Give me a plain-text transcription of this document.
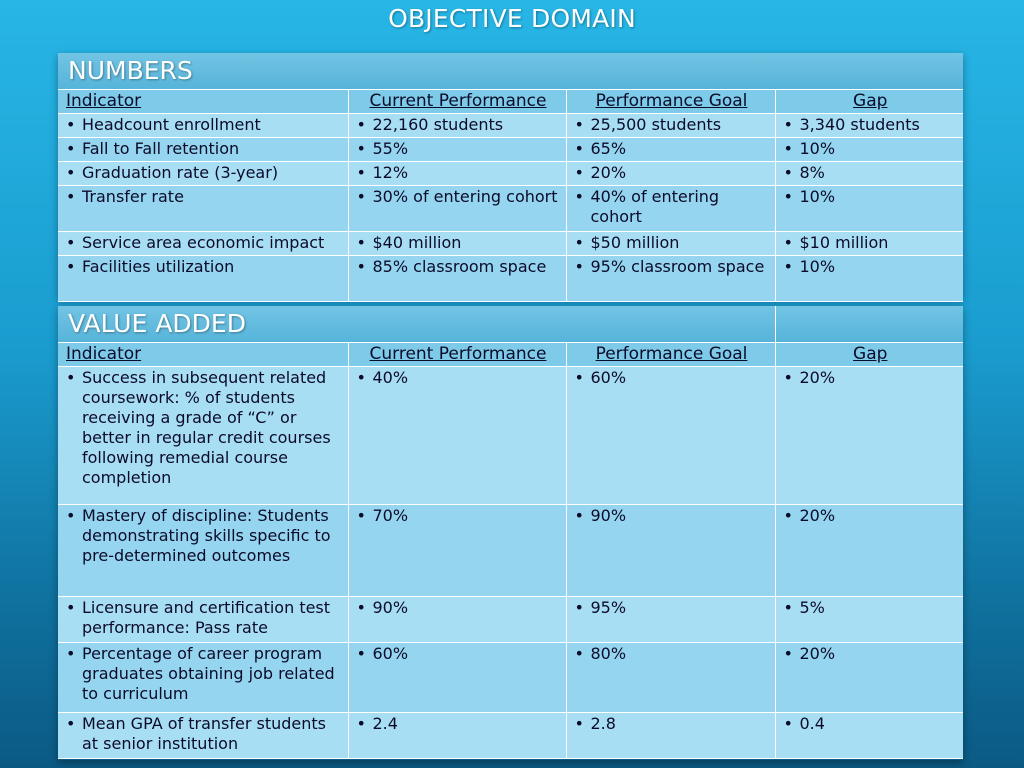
OBJECTIVE DOMAIN
NUMBERS
Indicator	Current Performance	Performance Goal	Gap

• Headcount enrollment	• 22,160 students	• 25,500 students	• 3,340 students

• Fall to Fall retention	• 55%	• 65%	• 10%

• Graduation rate (3-year)	• 12%	• 20%	• 8%

• Transfer rate	• 30% of entering cohort	• 40% of entering cohort	• 10%

• Service area economic impact	• $40 million	• $50 million	• $10 million

• Facilities utilization	• 85% classroom space	• 95% classroom space	• 10%
VALUE ADDED
Indicator	Current Performance	Performance Goal	Gap

• Success in subsequent related coursework: % of students receiving a grade of “C” or better in regular credit courses following remedial course completion	• 40%	• 60%	• 20%

• Mastery of discipline: Students demonstrating skills specific to pre-determined outcomes	• 70%	• 90%	• 20%

• Licensure and certification test performance: Pass rate	• 90%	• 95%	• 5%

• Percentage of career program graduates obtaining job related to curriculum	• 60%	• 80%	• 20%

• Mean GPA of transfer students at senior institution	• 2.4	• 2.8	• 0.4
